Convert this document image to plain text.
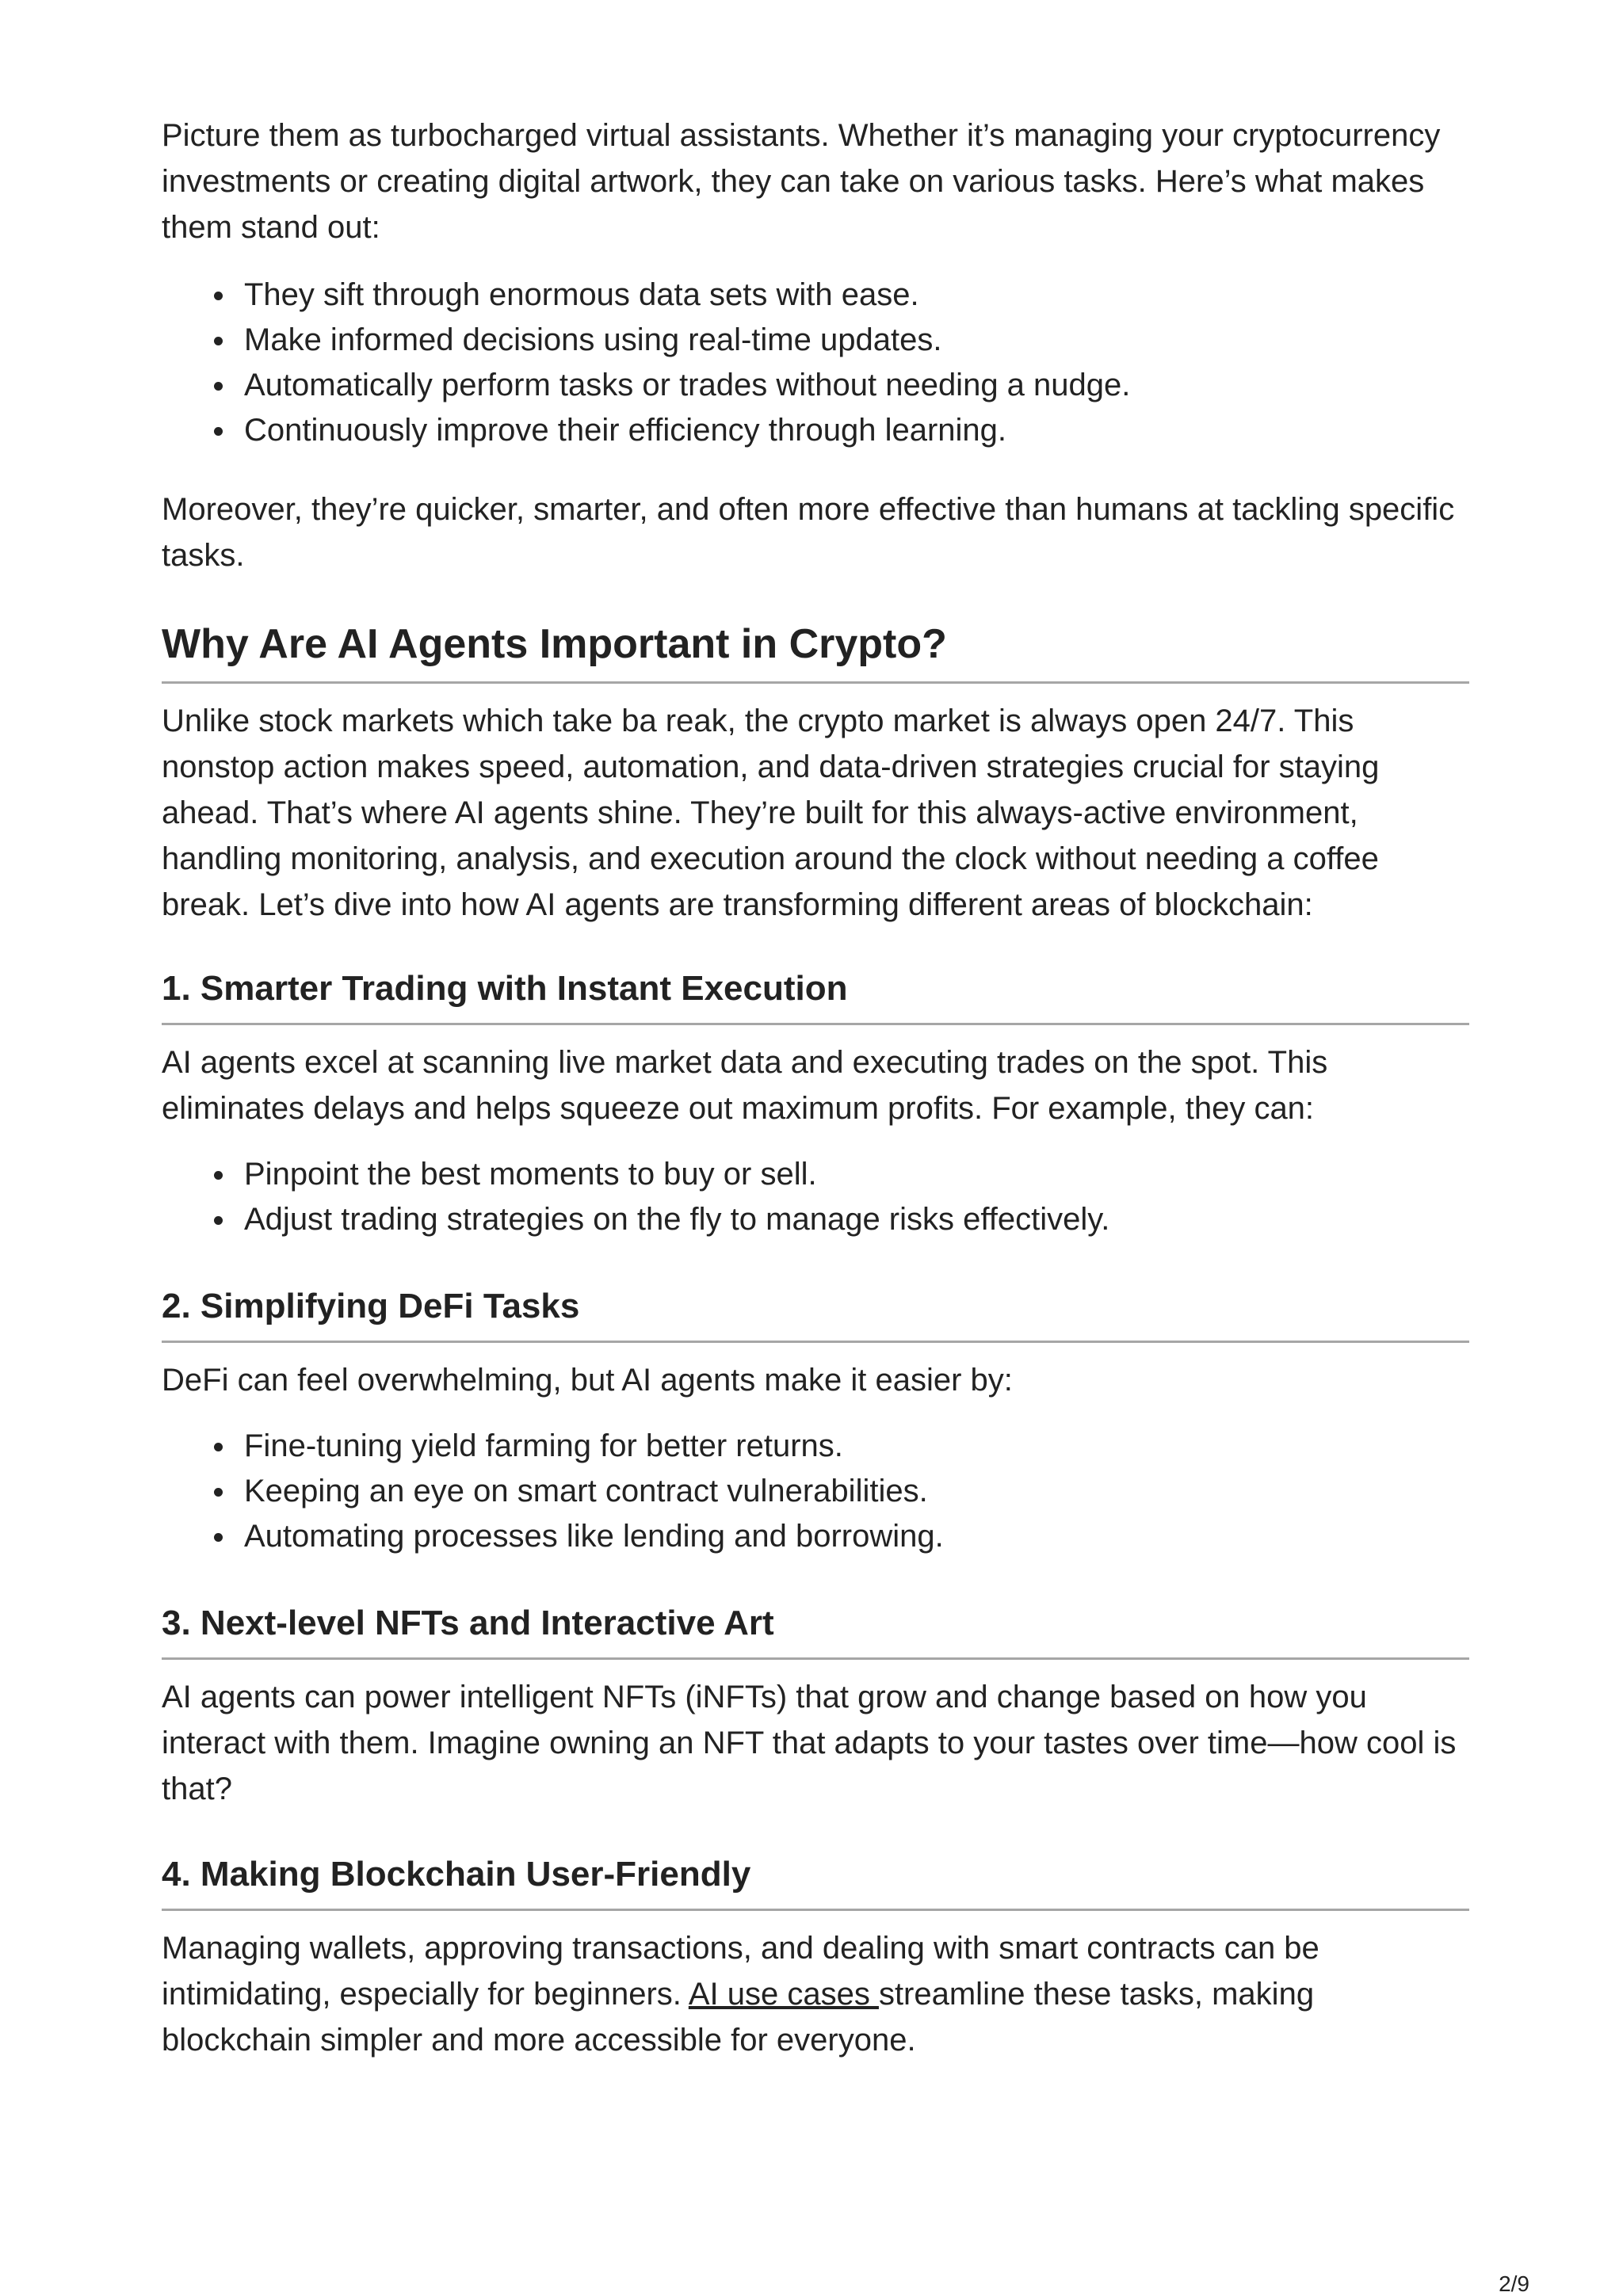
Picture them as turbocharged virtual assistants. Whether it’s managing your cryptocurrency investments or creating digital artwork, they can take on various tasks. Here’s what makes them stand out:

They sift through enormous data sets with ease.
Make informed decisions using real-time updates.
Automatically perform tasks or trades without needing a nudge.
Continuously improve their efficiency through learning.

Moreover, they’re quicker, smarter, and often more effective than humans at tackling specific tasks.

Why Are AI Agents Important in Crypto?

Unlike stock markets which take ba reak, the crypto market is always open 24/7. This nonstop action makes speed, automation, and data-driven strategies crucial for staying ahead. That’s where AI agents shine. They’re built for this always-active environment, handling monitoring, analysis, and execution around the clock without needing a coffee break. Let’s dive into how AI agents are transforming different areas of blockchain:

1. Smarter Trading with Instant Execution

AI agents excel at scanning live market data and executing trades on the spot. This eliminates delays and helps squeeze out maximum profits. For example, they can:

Pinpoint the best moments to buy or sell.
Adjust trading strategies on the fly to manage risks effectively.
2. Simplifying DeFi Tasks

DeFi can feel overwhelming, but AI agents make it easier by:

Fine-tuning yield farming for better returns.
Keeping an eye on smart contract vulnerabilities.
Automating processes like lending and borrowing.
3. Next-level NFTs and Interactive Art

AI agents can power intelligent NFTs (iNFTs) that grow and change based on how you interact with them. Imagine owning an NFT that adapts to your tastes over time—how cool is that?

4. Making Blockchain User-Friendly

Managing wallets, approving transactions, and dealing with smart contracts can be intimidating, especially for beginners. AI use cases streamline these tasks, making blockchain simpler and more accessible for everyone.

2/9
